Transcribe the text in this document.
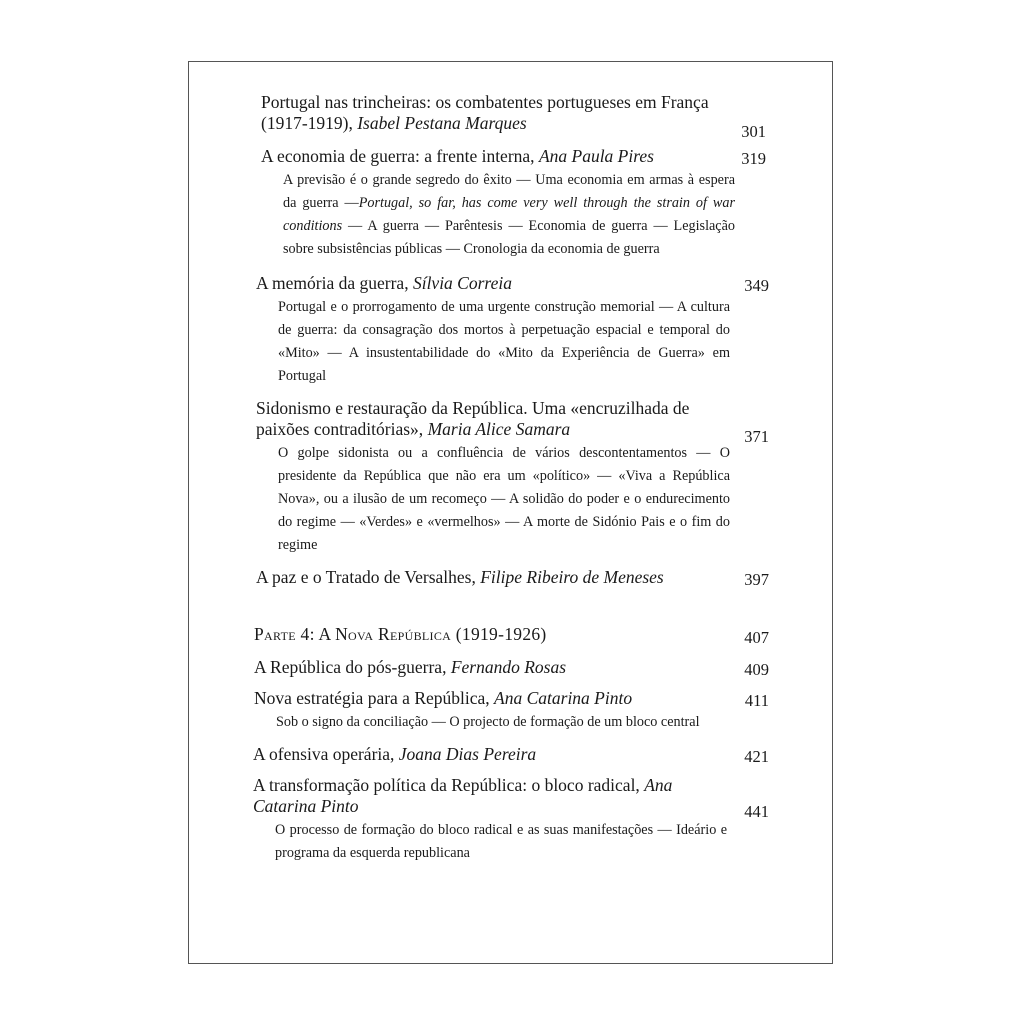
Portugal nas trincheiras: os combatentes portugueses em França (1917-1919), Isabel Pestana Marques	301
A economia de guerra: a frente interna, Ana Paula Pires	319
A previsão é o grande segredo do êxito — Uma economia em armas à espera da guerra —Portugal, so far, has come very well through the strain of war conditions — A guerra — Parêntesis — Economia de guerra — Legislação sobre subsistências públicas — Cronologia da economia de guerra
A memória da guerra, Sílvia Correia	349
Portugal e o prorrogamento de uma urgente construção memorial — A cultura de guerra: da consagração dos mortos à perpetuação espacial e temporal do «Mito» — A insustentabilidade do «Mito da Experiência de Guerra» em Portugal
Sidonismo e restauração da República. Uma «encruzilhada de paixões contraditórias», Maria Alice Samara	371
O golpe sidonista ou a confluência de vários descontentamentos — O presidente da República que não era um «político» — «Viva a República Nova», ou a ilusão de um recomeço — A solidão do poder e o endurecimento do regime — «Verdes» e «vermelhos» — A morte de Sidónio Pais e o fim do regime
A paz e o Tratado de Versalhes, Filipe Ribeiro de Meneses	397
Parte 4: A Nova República (1919-1926)	407
A República do pós-guerra, Fernando Rosas	409
Nova estratégia para a República, Ana Catarina Pinto	411
Sob o signo da conciliação — O projecto de formação de um bloco central
A ofensiva operária, Joana Dias Pereira	421
A transformação política da República: o bloco radical, Ana Catarina Pinto	441
O processo de formação do bloco radical e as suas manifestações — Ideário e programa da esquerda republicana
